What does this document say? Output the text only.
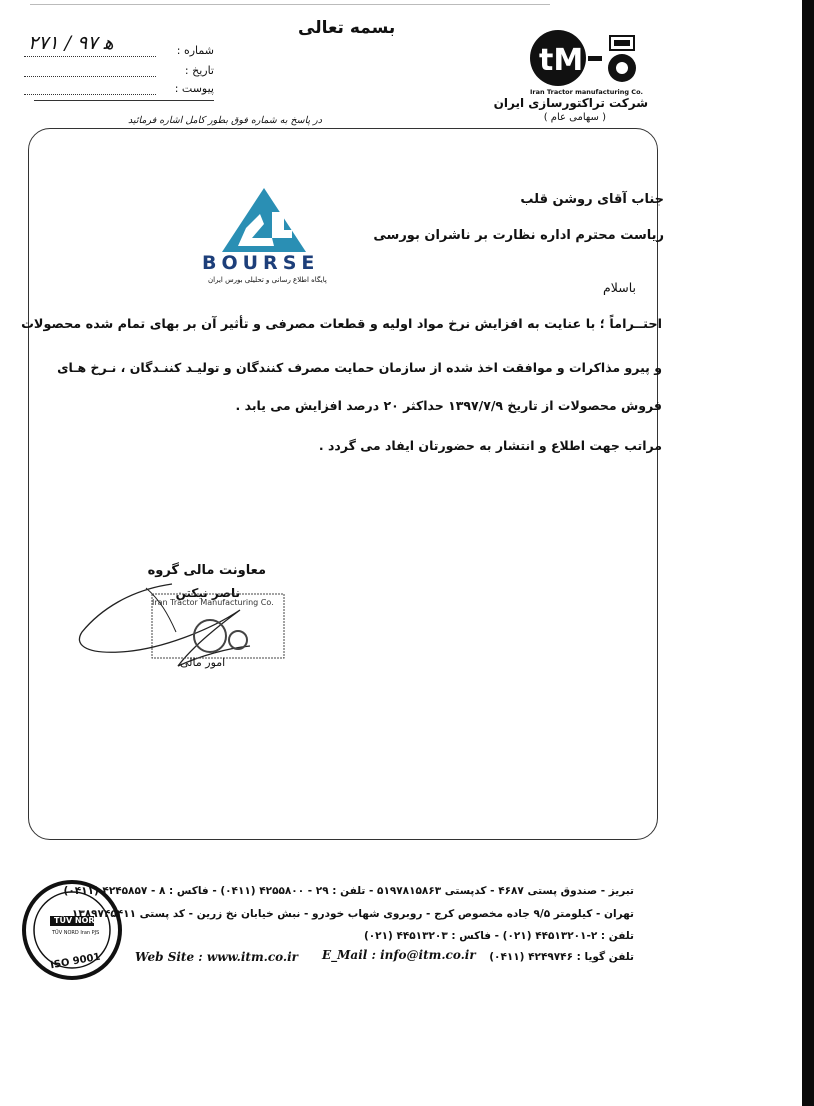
بسمه تعالی
شماره :
ﻫ ۹۷ / ۲۷۱
تاریخ :
پیوست :
در پاسخ به شماره فوق بطور کامل اشاره فرمائید
tM
Iran Tractor manufacturing Co.
شرکت تراکتورسازی ایران
( سهامی عام )
BOURSE
پایگاه اطلاع رسانی و تحلیلی بورس ایران
جناب آقای روشن قلب
ریاست محترم اداره نظارت بر ناشران بورسی
باسلام
احتــراماً ؛ با عنایت به افزایش نرخ مواد اولیه و قطعات مصرفی و تأثیر آن بر بهای تمام شده محصولات
و پیرو مذاکرات و موافقت اخذ شده از سازمان حمایت مصرف کنندگان و تولیـد کننـدگان ، نـرخ هـای
فروش محصولات از تاریخ ۱۳۹۷/۷/۹ حداکثر ۲۰ درصد افزایش می یابد .
مراتب جهت اطلاع و انتشار به حضورتان ایفاد می گردد .
معاونت مالی گروه
ناصر نیکتن
Iran Tractor Manufacturing Co.
امور مالی
TÜV NORD
TÜV NORD Iran PJS
ISO 9001
تبریز - صندوق پستی ۴۶۸۷ - کدپستی ۵۱۹۷۸۱۵۸۶۳ - تلفن : ۲۹ - ۴۲۵۵۸۰۰ (۰۴۱۱) - فاکس : ۸ - ۴۲۴۵۸۵۷ (۰۴۱۱)
تهران - کیلومتر ۹/۵ جاده مخصوص کرج - روبروی شهاب خودرو - نبش خیابان نخ زرین - کد پستی ۱۳۸۹۷۴۵۴۱۱
تلفن : ۲-۴۴۵۱۳۲۰۱ (۰۲۱) - فاکس : ۴۴۵۱۳۲۰۳ (۰۲۱)
تلفن گویا : ۴۲۴۹۷۴۶ (۰۴۱۱)
E_Mail : info@itm.co.ir
Web Site : www.itm.co.ir
